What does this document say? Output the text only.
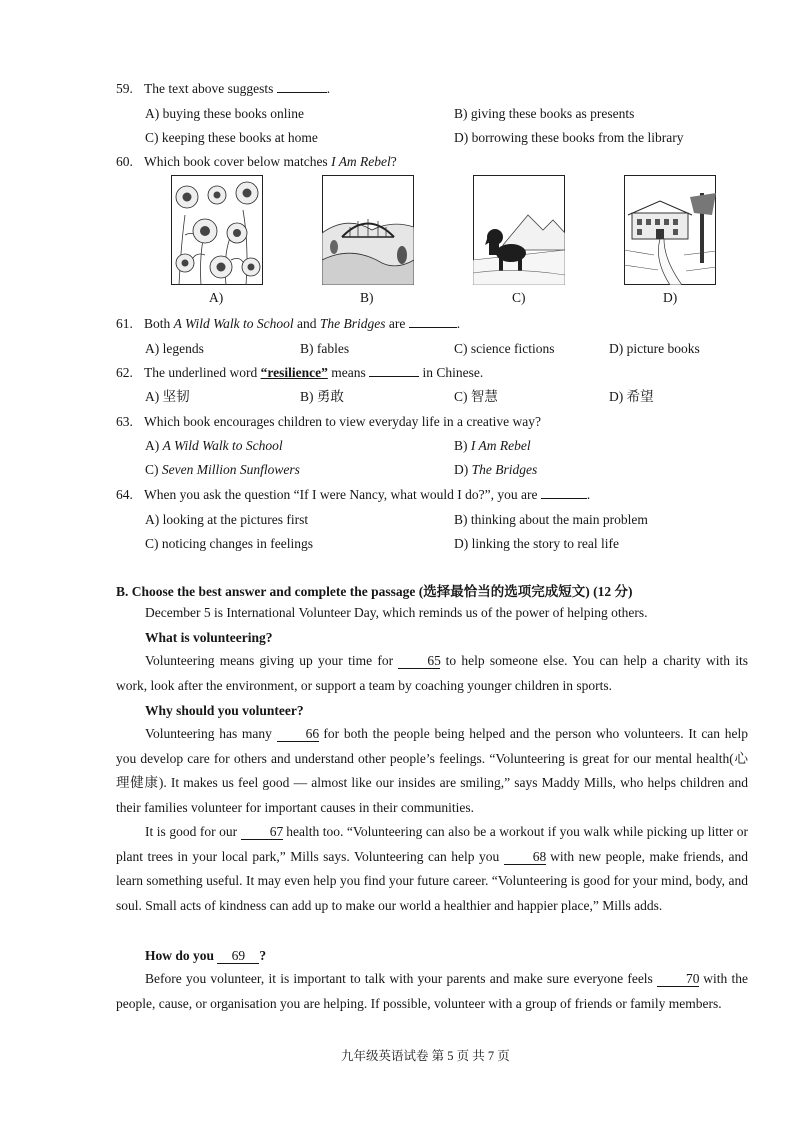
59. The text above suggests	.
A) buying these books online	B) giving these books as presents
C) keeping these books at home	D) borrowing these books from the library
60. Which book cover below matches I Am Rebel?
A)	B)	C)	D)
61. Both A Wild Walk to School and The Bridges are	.
A) legends	B) fables	C) science fictions	D) picture books
62. The underlined word “resilience” means	in Chinese.
A) 坚韧	B) 勇敢	C) 智慧	D) 希望
63. Which book encourages children to view everyday life in a creative way?
A) A Wild Walk to School	B) I Am Rebel
C) Seven Million Sunflowers	D) The Bridges
64. When you ask the question “If I were Nancy, what would I do?”, you are	.
A) looking at the pictures first	B) thinking about the main problem
C) noticing changes in feelings	D) linking the story to real life
B. Choose the best answer and complete the passage (选择最恰当的选项完成短文) (12 分)
December 5 is International Volunteer Day, which reminds us of the power of helping others.
What is volunteering?
Volunteering means giving up your time for	65 to help someone else. You can help a charity with its work, look after the environment, or support a team by coaching younger children in sports.
Why should you volunteer?
Volunteering has many 66 for both the people being helped and the person who volunteers. It can help you develop care for others and understand other people’s feelings. “Volunteering is great for our mental health(心理健康). It makes us feel good — almost like our insides are smiling,” says Maddy Mills, who helps children and their families volunteer for important causes in their communities.
It is good for our 67 health too. “Volunteering can also be a workout if you walk while picking up litter or plant trees in your local park,” Mills says. Volunteering can help you 68 with new people, make friends, and learn something useful. It may even help you find your future career. “Volunteering is good for your mind, body, and soul. Small acts of kindness can add up to make our world a healthier and happier place,” Mills adds.
How do you 69 ?
Before you volunteer, it is important to talk with your parents and make sure everyone feels 70 with the people, cause, or organisation you are helping. If possible, volunteer with a group of friends or family members.
九年级英语试卷 第 5 页 共 7 页
